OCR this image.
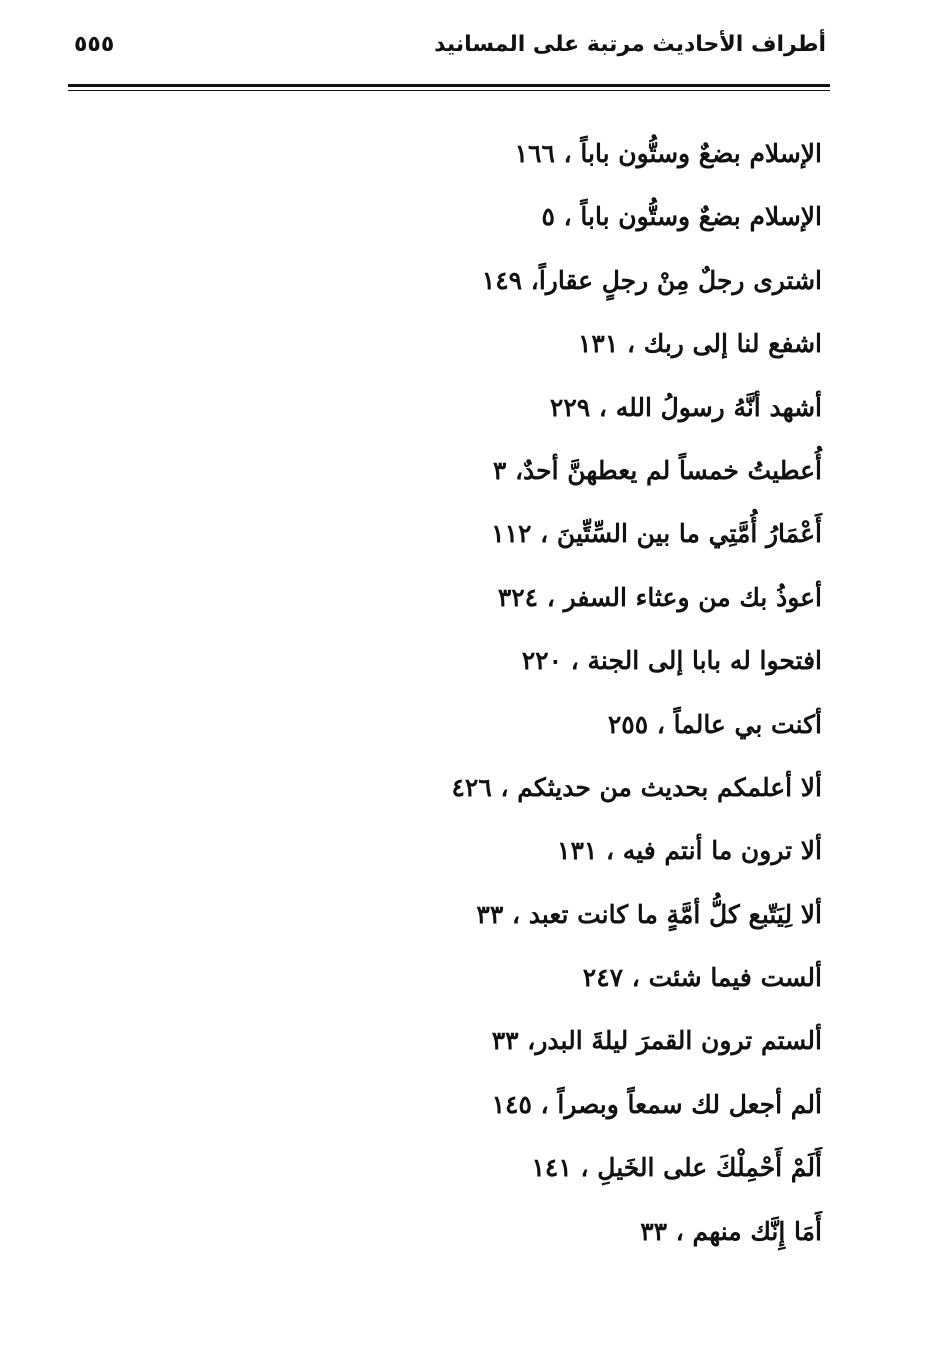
٥٥٥	أطراف الأحاديث مرتبة على المسانيد
الإسلام بضعٌ وستُّون باباً ، ١٦٦
الإسلام بضعٌ وستُّون باباً ، ٥
اشترى رجلٌ مِنْ رجلٍ عقاراً، ١٤٩
اشفع لنا إلى ربك ، ١٣١
أشهد أنَّهُ رسولُ الله ، ٢٢٩
أُعطيتُ خمساً لم يعطهنَّ أحدٌ، ٣
أَعْمَارُ أُمَّتِي ما بين السِّتِّينَ ، ١١٢
أعوذُ بك من وعثاء السفر ، ٣٢٤
افتحوا له بابا إلى الجنة ، ٢٢٠
أكنت بي عالماً ، ٢٥٥
ألا أعلمكم بحديث من حديثكم ، ٤٢٦
ألا ترون ما أنتم فيه ، ١٣١
ألا لِيَتّبع كلُّ أمَّةٍ ما كانت تعبد ، ٣٣
ألست فيما شئت ، ٢٤٧
ألستم ترون القمرَ ليلةَ البدر، ٣٣
ألم أجعل لك سمعاً وبصراً ، ١٤٥
أَلَمْ أَحْمِلْكَ على الخَيلِ ، ١٤١
أَمَا إِنَّك منهم ، ٣٣
